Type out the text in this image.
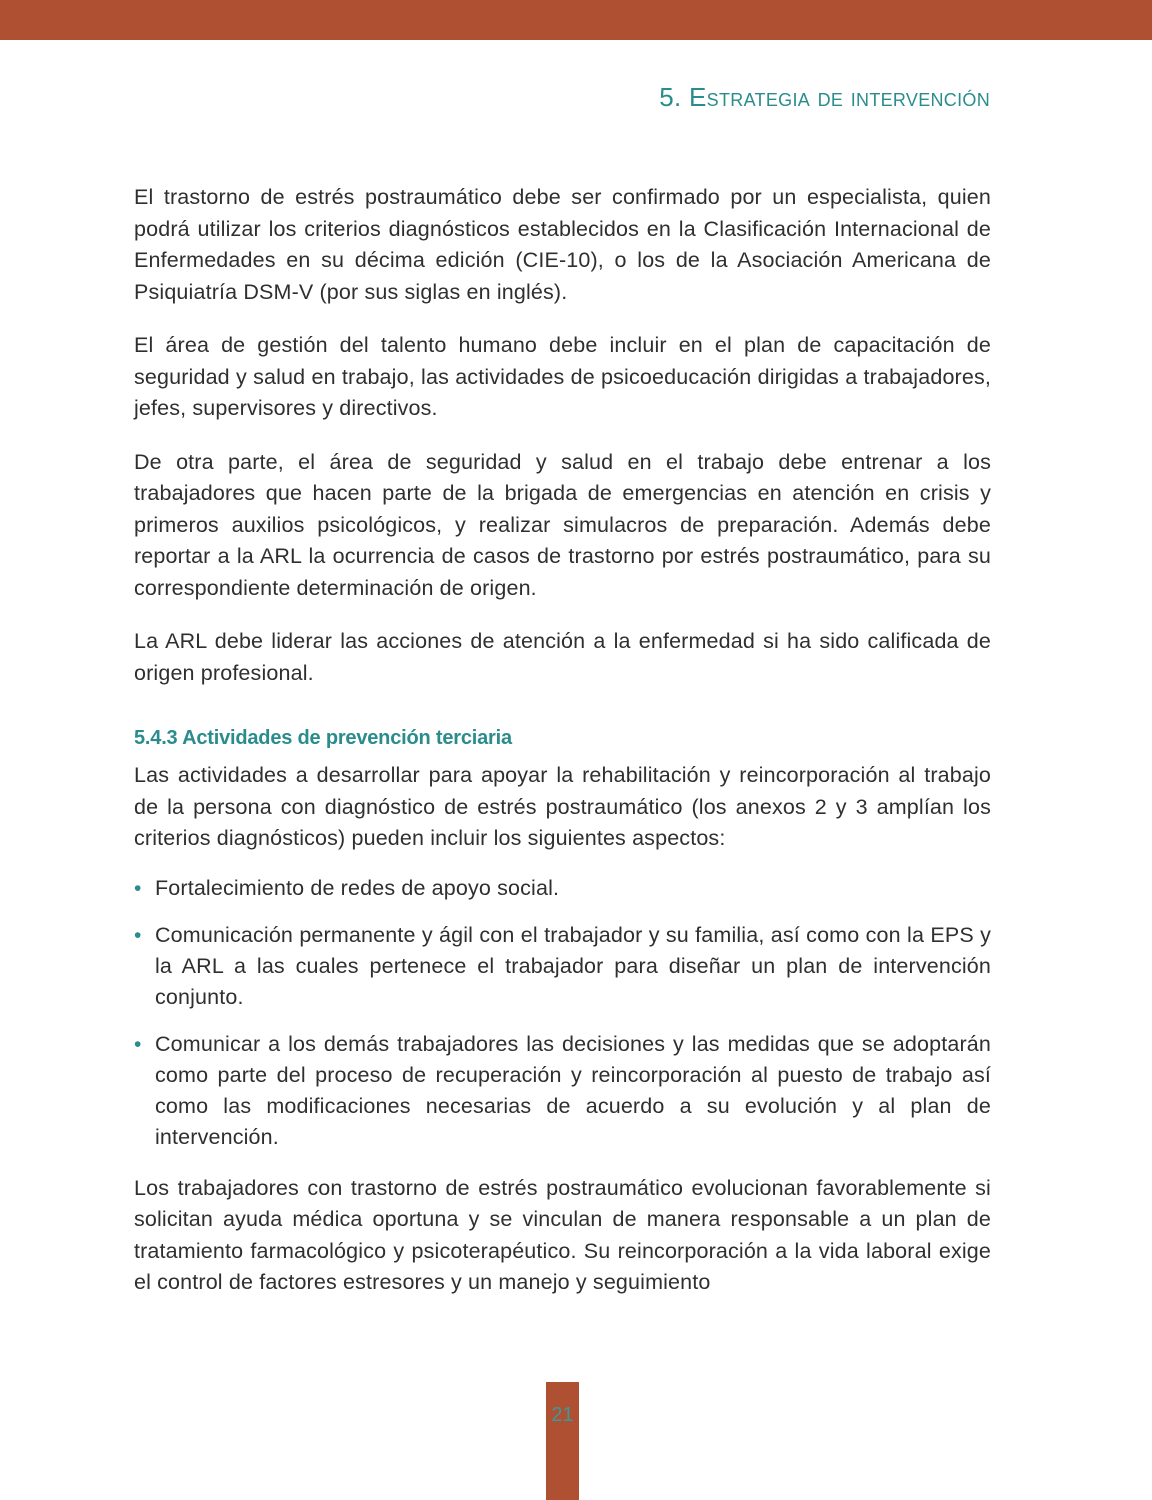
5. Estrategia de intervención

El trastorno de estrés postraumático debe ser confirmado por un especialista, quien podrá utilizar los criterios diagnósticos establecidos en la Clasificación Internacional de Enfermedades en su décima edición (CIE-10), o los de la Asociación Americana de Psiquiatría DSM-V (por sus siglas en inglés).

El área de gestión del talento humano debe incluir en el plan de capacitación de seguridad y salud en trabajo, las actividades de psicoeducación dirigidas a trabajadores, jefes, supervisores y directivos.

De otra parte, el área de seguridad y salud en el trabajo debe entrenar a los trabajadores que hacen parte de la brigada de emergencias en atención en crisis y primeros auxilios psicológicos, y realizar simulacros de preparación. Además debe reportar a la ARL la ocurrencia de casos de trastorno por estrés postraumático, para su correspondiente determinación de origen.

La ARL debe liderar las acciones de atención a la enfermedad si ha sido calificada de origen profesional.

5.4.3 Actividades de prevención terciaria

Las actividades a desarrollar para apoyar la rehabilitación y reincorporación al trabajo de la persona con diagnóstico de estrés postraumático (los anexos 2 y 3 amplían los criterios diagnósticos) pueden incluir los siguientes aspectos:

• Fortalecimiento de redes de apoyo social.
• Comunicación permanente y ágil con el trabajador y su familia, así como con la EPS y la ARL a las cuales pertenece el trabajador para diseñar un plan de intervención conjunto.
• Comunicar a los demás trabajadores las decisiones y las medidas que se adoptarán como parte del proceso de recuperación y reincorporación al puesto de trabajo así como las modificaciones necesarias de acuerdo a su evolución y al plan de intervención.

Los trabajadores con trastorno de estrés postraumático evolucionan favorablemente si solicitan ayuda médica oportuna y se vinculan de manera responsable a un plan de tratamiento farmacológico y psicoterapéutico. Su reincorporación a la vida laboral exige el control de factores estresores y un manejo y seguimiento

21
